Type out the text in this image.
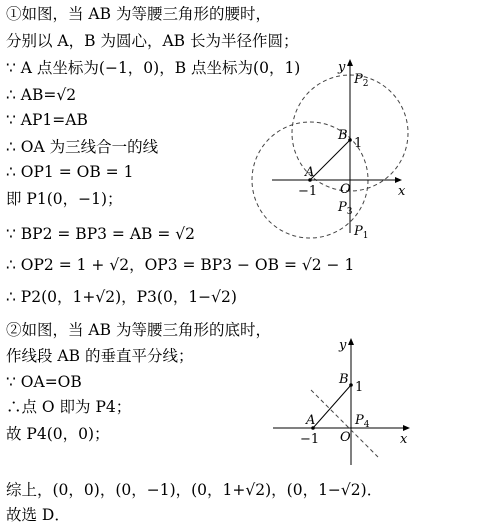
①如图，当 AB 为等腰三角形的腰时，
分别以 A，B 为圆心，AB 长为半径作圆；
∵ A 点坐标为(−1，0)，B 点坐标为(0，1)
∴ AB=√2
∵ AP1=AB
∴ OA 为三线合一的线
∴ OP1 = OB = 1
即 P1(0，−1)；
∵ BP2 = BP3 = AB = √2
∴ OP2 = 1 + √2，OP3 = BP3 − OB = √2 − 1
∴ P2(0，1+√2)，P3(0，1−√2)
②如图，当 AB 为等腰三角形的底时，
作线段 AB 的垂直平分线；
∵ OA=OB
∴点 O 即为 P4；
故 P4(0，0)；
综上，(0，0)，(0，−1)，(0，1+√2)，(0，1−√2)．
故选 D．
y
x
$P_2$
B
1
A
−1 O
$P_3$
$P_1$
y
x
B
1
A	$P_4$
−1 O
